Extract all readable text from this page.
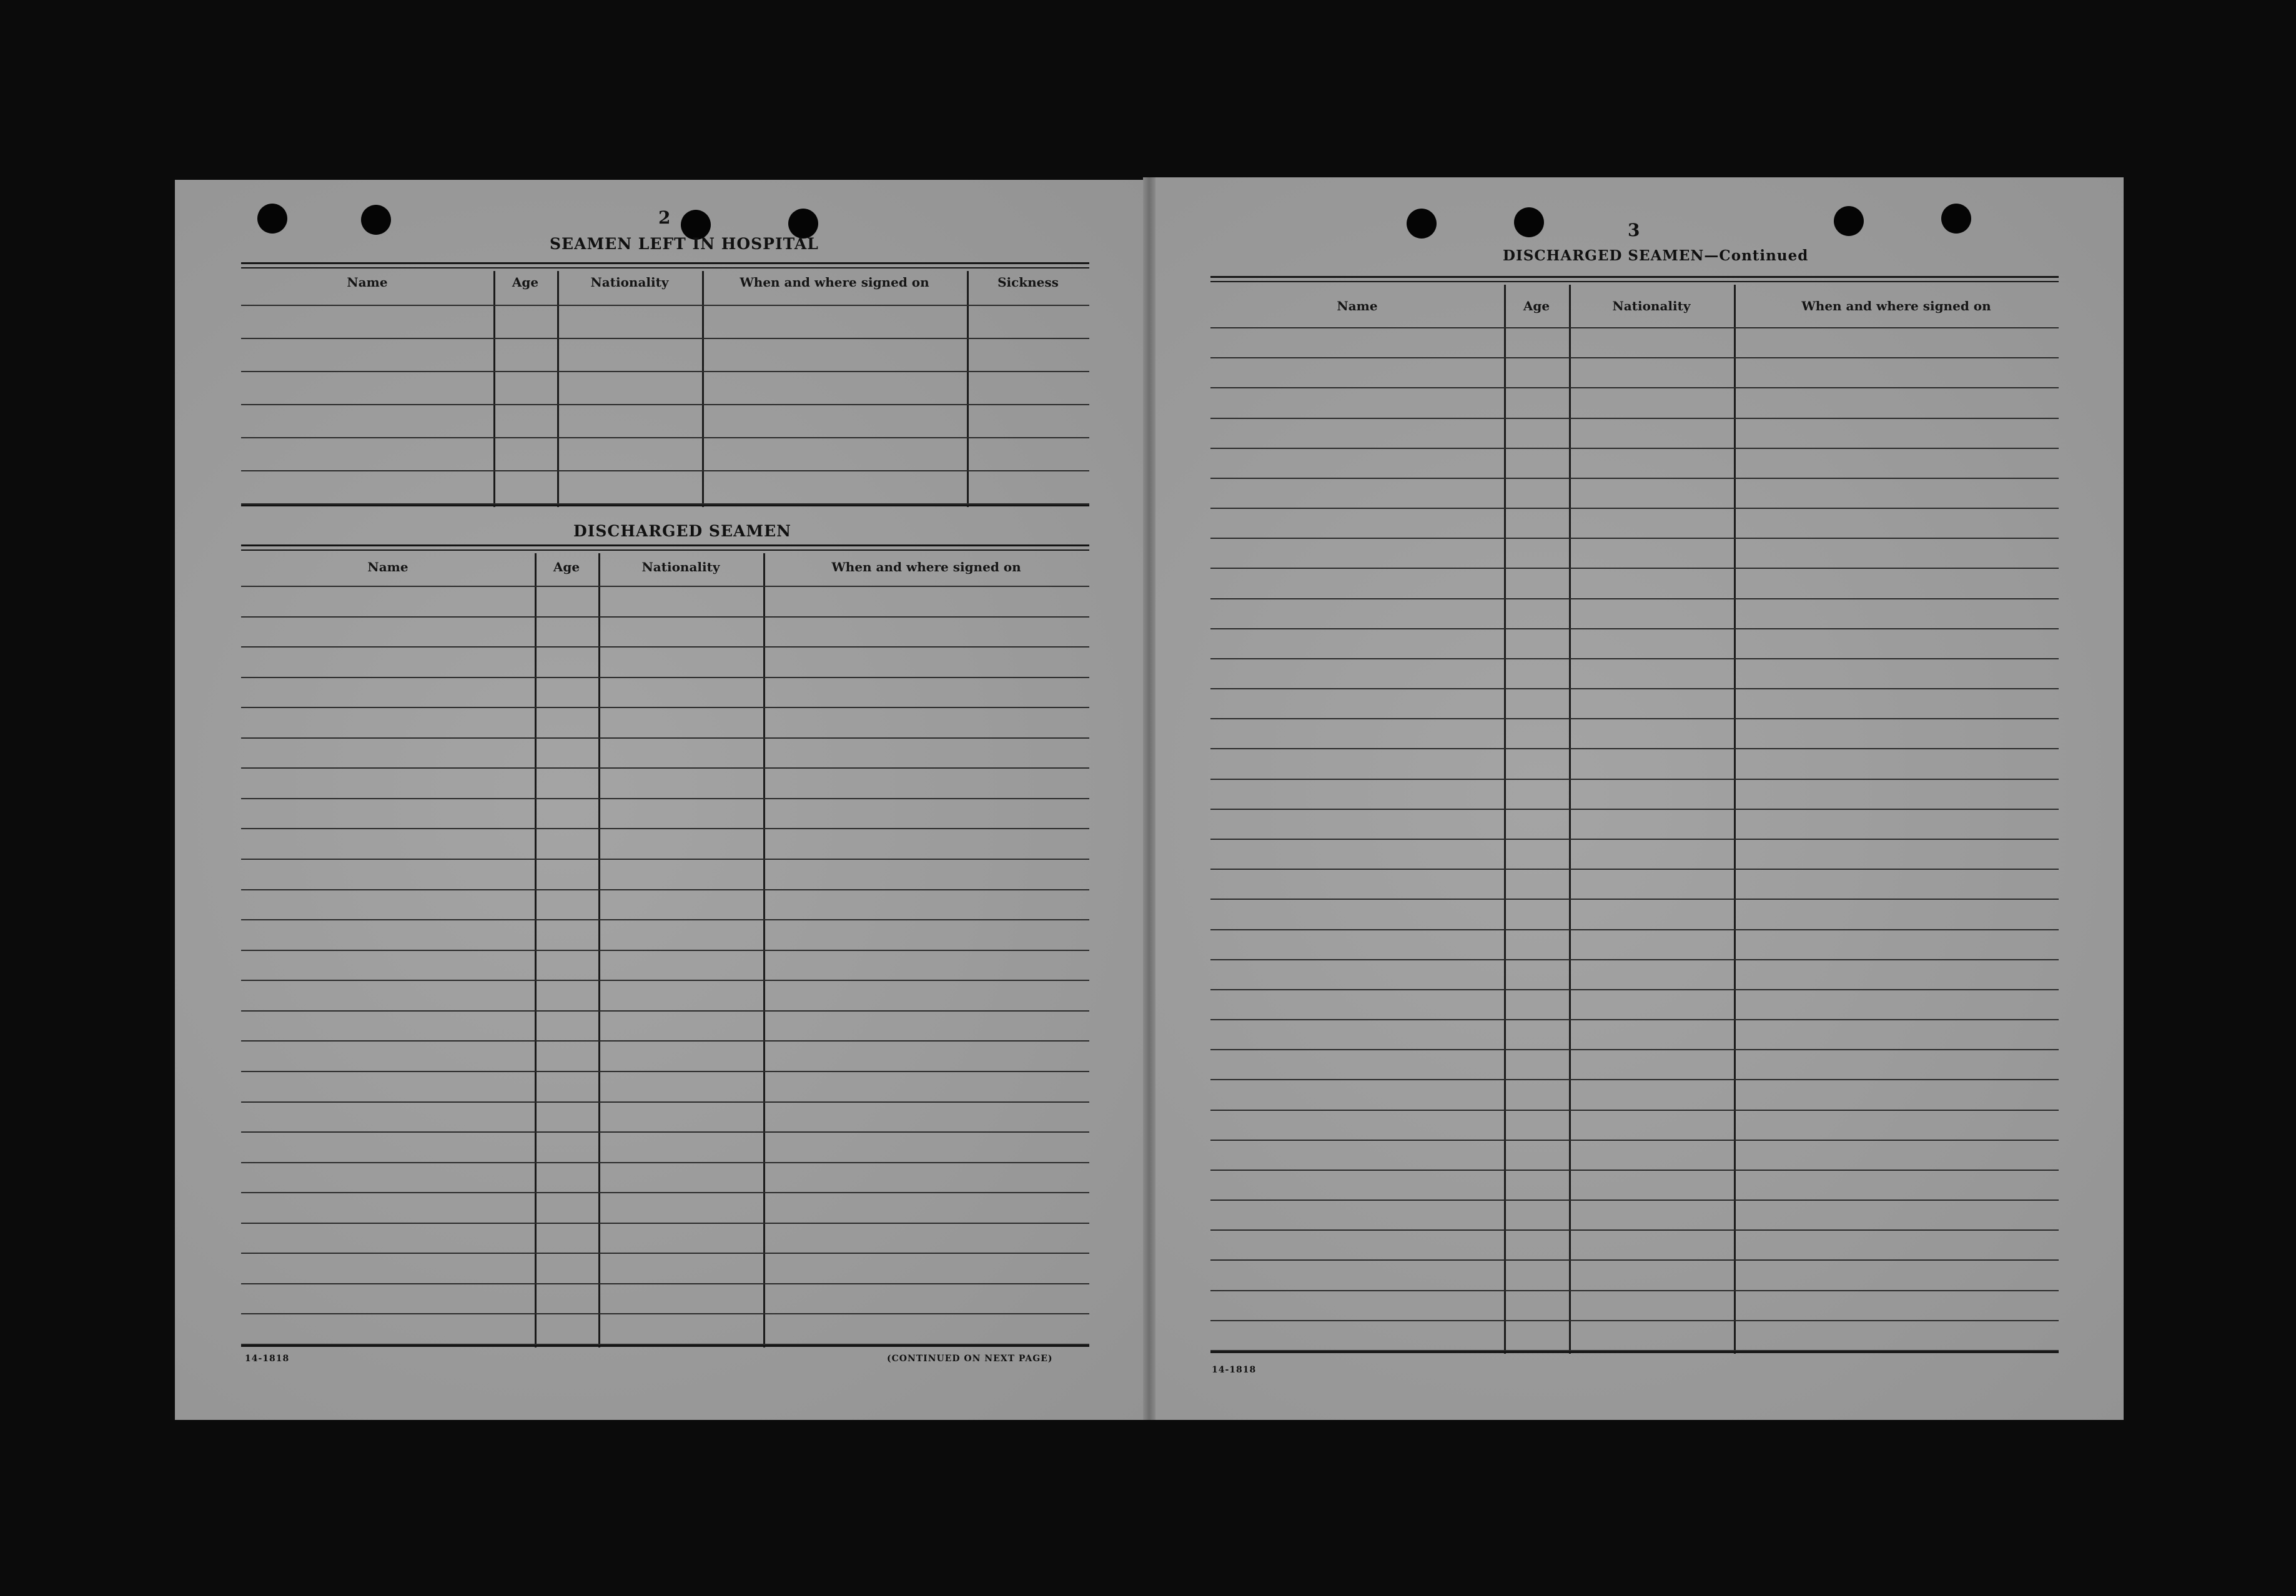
2
SEAMEN LEFT IN HOSPITAL
DISCHARGED SEAMEN
14-1818	(CONTINUED ON NEXT PAGE)
3
DISCHARGED SEAMEN—Continued
14-1818
Name	Age	Nationality	When and where signed on	Sickness
Name	Age	Nationality	When and where signed on
Name	Age	Nationality	When and where signed on
